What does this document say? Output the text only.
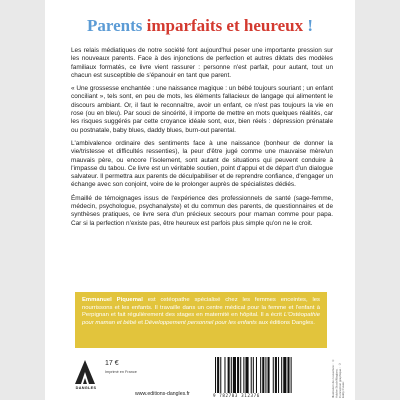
Parents imparfaits et heureux !

Les relais médiatiques de notre société font aujourd'hui peser une importante pression sur les nouveaux parents. Face à des injonctions de perfection et autres diktats des modèles familiaux formatés, ce livre vient rassurer : personne n'est parfait, pour autant, tout un chacun est susceptible de s'épanouir en tant que parent.

« Une grossesse enchantée : une naissance magique : un bébé toujours souriant ; un enfant conciliant », tels sont, en peu de mots, les éléments fallacieux de langage qui alimentent le discours ambiant. Or, il faut le reconnaître, avoir un enfant, ce n'est pas toujours la vie en rose (ou en bleu). Par souci de sincérité, il importe de mettre en mots quelques réalités, car les risques suggérés par cette croyance idéale sont, eux, bien réels : dépression prénatale ou postnatale, baby blues, daddy blues, burn-out parental.

L'ambivalence ordinaire des sentiments face à une naissance (bonheur de donner la vie/tristesse et difficultés ressenties), la peur d'être jugé comme une mauvaise mère/un mauvais père, ou encore l'isolement, sont autant de situations qui peuvent conduire à l'impasse du tabou. Ce livre est un véritable soutien, point d'appui et de départ d'un dialogue salvateur. Il permettra aux parents de déculpabiliser et de reprendre confiance, d'engager un échange avec son conjoint, voire de le prolonger auprès de spécialistes dédiés.

Émaillé de témoignages issus de l'expérience des professionnels de santé (sage-femme, médecin, psychologue, psychanalyste) et du commun des parents, de questionnaires et de synthèses pratiques, ce livre sera d'un précieux secours pour maman comme pour papa. Car si la perfection n'existe pas, être heureux est parfois plus simple qu'on ne le croit.

Emmanuel Piquemal est ostéopathe spécialisé chez les femmes enceintes, les nourrissons et les enfants. Il travaille dans un centre médical pour la femme et l'enfant à Perpignan et fait régulièrement des stages en maternité en hôpital. Il a écrit L'Ostéopathie pour maman et bébé et Développement personnel pour les enfants aux éditions Dangles.
DANGLES
17 €
Imprimé en France
www.editions-dangles.fr	9 782703 312376	Illustration de couverture : © Adobe Stock/Maglara. Conception graphique : © Eddy Cuvier.
